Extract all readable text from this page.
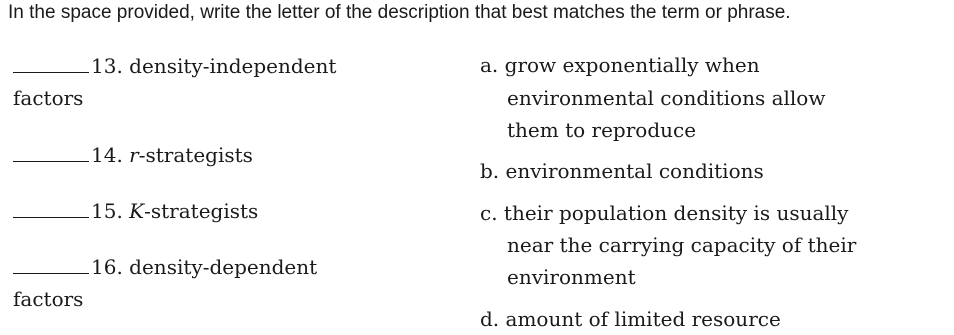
In the space provided, write the letter of the description that best matches the term or phrase.
13. density-independent
factors
14. r-strategists
15. K-strategists
16. density-dependent
factors
a. grow exponentially when
environmental conditions allow
them to reproduce
b. environmental conditions
c. their population density is usually
near the carrying capacity of their
environment
d. amount of limited resource
